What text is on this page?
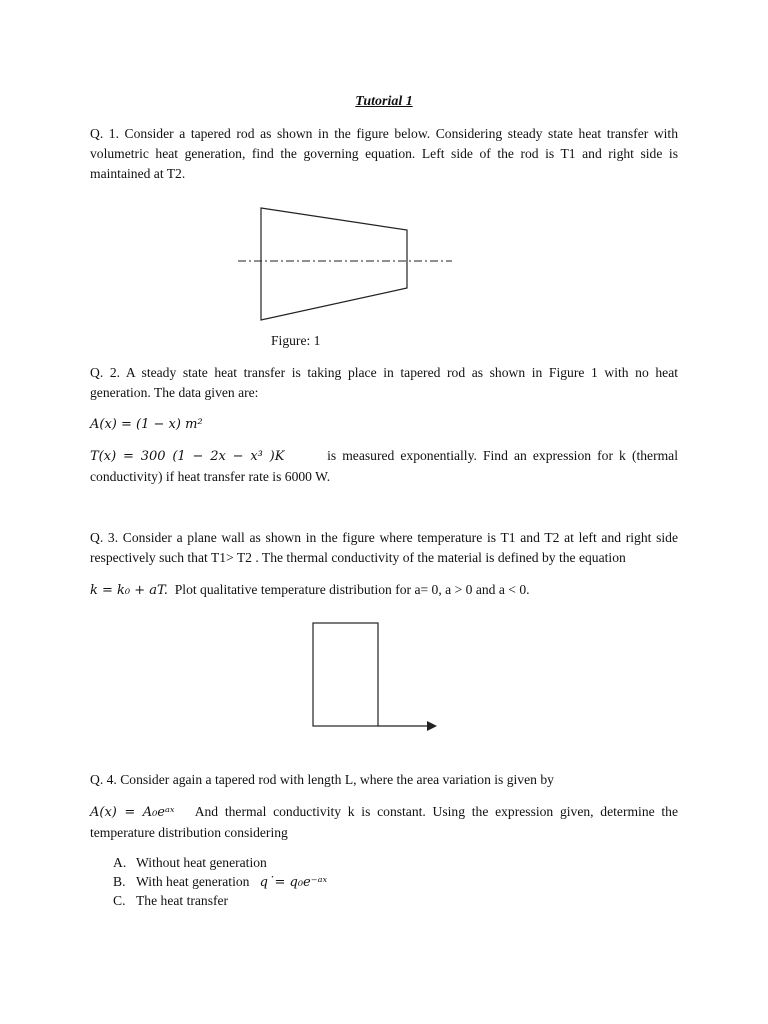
Tutorial 1
Q. 1. Consider a tapered rod as shown in the figure below. Considering steady state heat transfer with volumetric heat generation, find the governing equation. Left side of the rod is T1 and right side is maintained at T2.
Figure: 1
Q. 2. A steady state heat transfer is taking place in tapered rod as shown in Figure 1 with no heat generation. The data given are:
A(x) = (1 − x) m²
T(x) = 300 (1 − 2x − x³ )K	is measured exponentially. Find an expression for k (thermal conductivity) if heat transfer rate is 6000 W.
Q. 3. Consider a plane wall as shown in the figure where temperature is T1 and T2 at left and right side respectively such that T1> T2 . The thermal conductivity of the material is defined by the equation
k = k₀ + aT. Plot qualitative temperature distribution for a= 0, a > 0 and a < 0.
Q. 4. Consider again a tapered rod with length L, where the area variation is given by
A(x) = A₀eᵃˣ And thermal conductivity k is constant. Using the expression given, determine the temperature distribution considering
A. Without heat generation
B. With heat generation q˙= q₀e⁻ᵃˣ
C. The heat transfer
